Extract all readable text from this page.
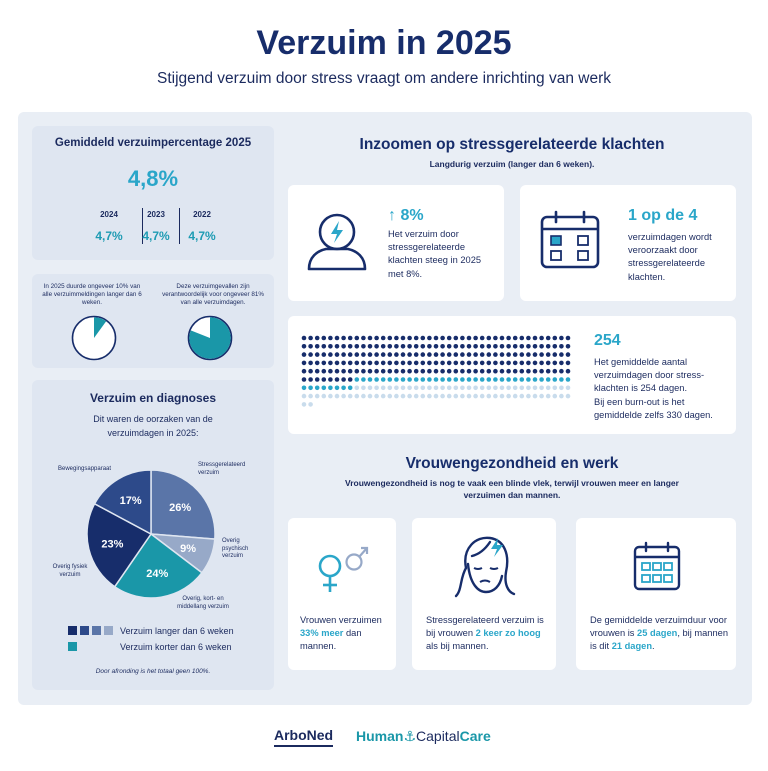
Verzuim in 2025
Stijgend verzuim door stress vraagt om andere inrichting van werk
Gemiddeld verzuimpercentage 2025
4,8%
2024
4,7%
2023
4,7%
2022
4,7%
In 2025 duurde ongeveer 10% van alle verzuimmeldingen langer dan 6 weken.
Deze verzuimgevallen zijn verantwoordelijk voor ongeveer 81% van alle verzuimdagen.
Verzuim en diagnoses
Dit waren de oorzaken van de verzuimdagen in 2025:
26%
9%
24%
23%
17%
Bewegingsapparaat
Stressgerelateerd verzuim
Overig psychisch verzuim
Overig, kort- en middellang verzuim
Overig fysiek verzuim
Verzuim langer dan 6 weken
Verzuim korter dan 6 weken
Door afronding is het totaal geen 100%.
Inzoomen op stressgerelateerde klachten
Langdurig verzuim (langer dan 6 weken).
↑ 8%
Het verzuim door stressgerelateerde klachten steeg in 2025 met 8%.
1 op de 4
verzuimdagen wordt veroorzaakt door stressgerelateerde klachten.
254
Het gemiddelde aantal verzuimdagen door stress-klachten is 254 dagen.
Bij een burn-out is het gemiddelde zelfs 330 dagen.
Vrouwengezondheid en werk
Vrouwengezondheid is nog te vaak een blinde vlek, terwijl vrouwen meer en langer verzuimen dan mannen.
Vrouwen verzuimen 33% meer dan mannen.
Stressgerelateerd verzuim is bij vrouwen 2 keer zo hoog als bij mannen.
De gemiddelde verzuimduur voor vrouwen is 25 dagen, bij mannen is dit 21 dagen.
ArboNed Human​⚓​CapitalCare
